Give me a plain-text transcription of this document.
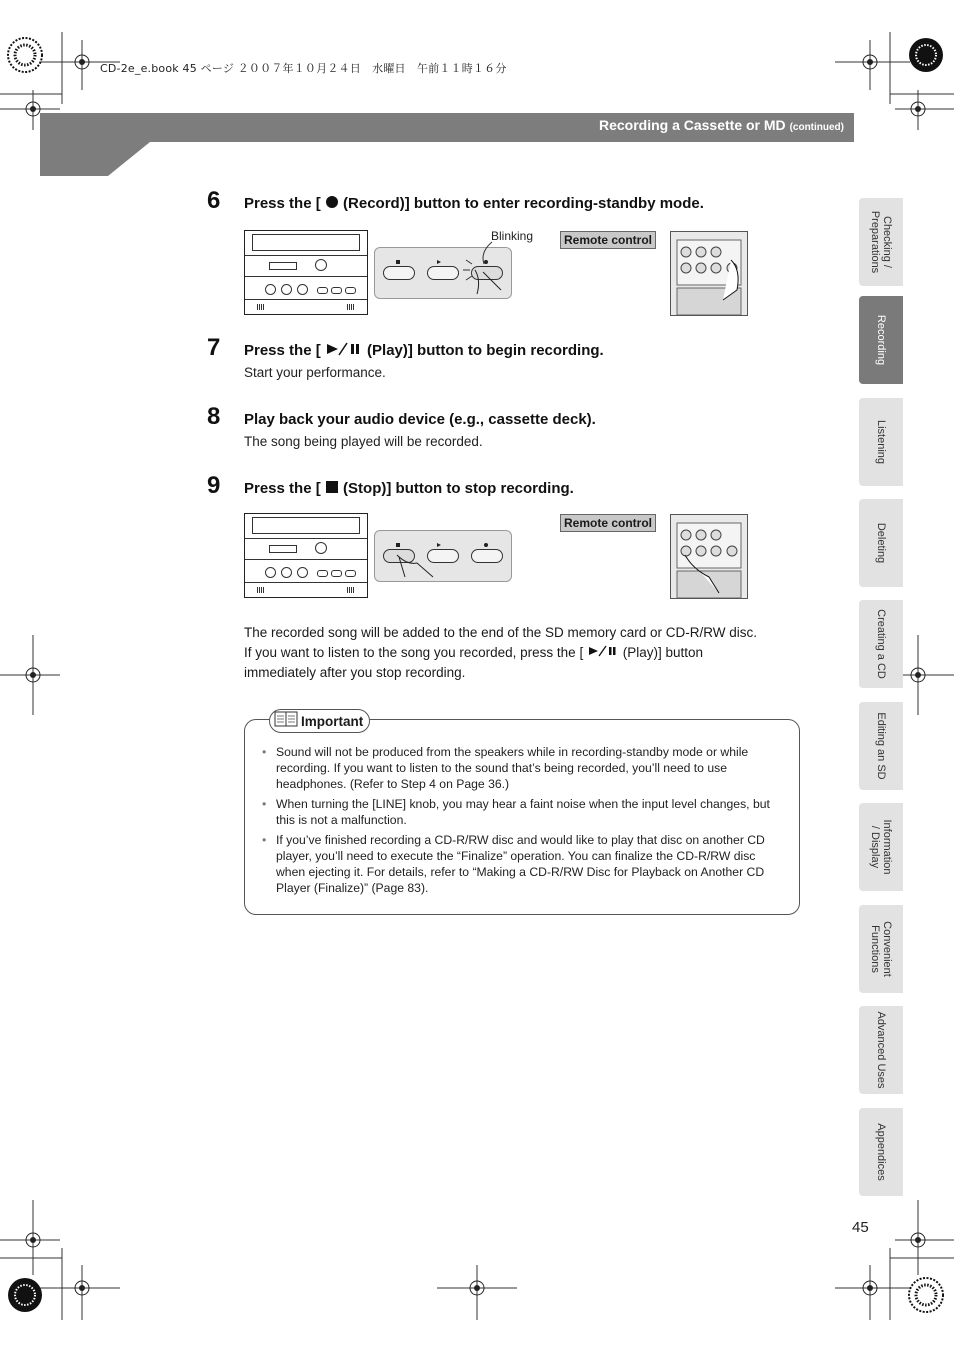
CD-2e_e.book 45 ページ ２００７年１０月２４日　水曜日　午前１１時１６分
Recording a Cassette or MD (continued)
6 Press the [ (Record)] button to enter recording-standby mode.
Blinking	Remote control
7 Press the [	(Play)] button to begin recording.
Start your performance.
8 Play back your audio device (e.g., cassette deck).
The song being played will be recorded.
9 Press the [ (Stop)] button to stop recording.
Remote control
The recorded song will be added to the end of the SD memory card or CD-R/RW disc.
If you want to listen to the song you recorded, press the [	(Play)] button
immediately after you stop recording.
Important
• Sound will not be produced from the speakers while in recording-standby mode or while recording. If you want to listen to the sound that’s being recorded, you’ll need to use headphones. (Refer to Step 4 on Page 36.)
• When turning the [LINE] knob, you may hear a faint noise when the input level changes, but this is not a malfunction.
• If you’ve finished recording a CD-R/RW disc and would like to play that disc on another CD player, you’ll need to execute the “Finalize” operation. You can finalize the CD-R/RW disc when ejecting it. For details, refer to “Making a CD-R/RW Disc for Playback on Another CD Player (Finalize)” (Page 83).
Checking /
Preparations
Recording
Listening
Deleting
Creating a CD
Editing an SD
Information
/ Display
Convenient
Functions
Advanced Uses
Appendices
45
